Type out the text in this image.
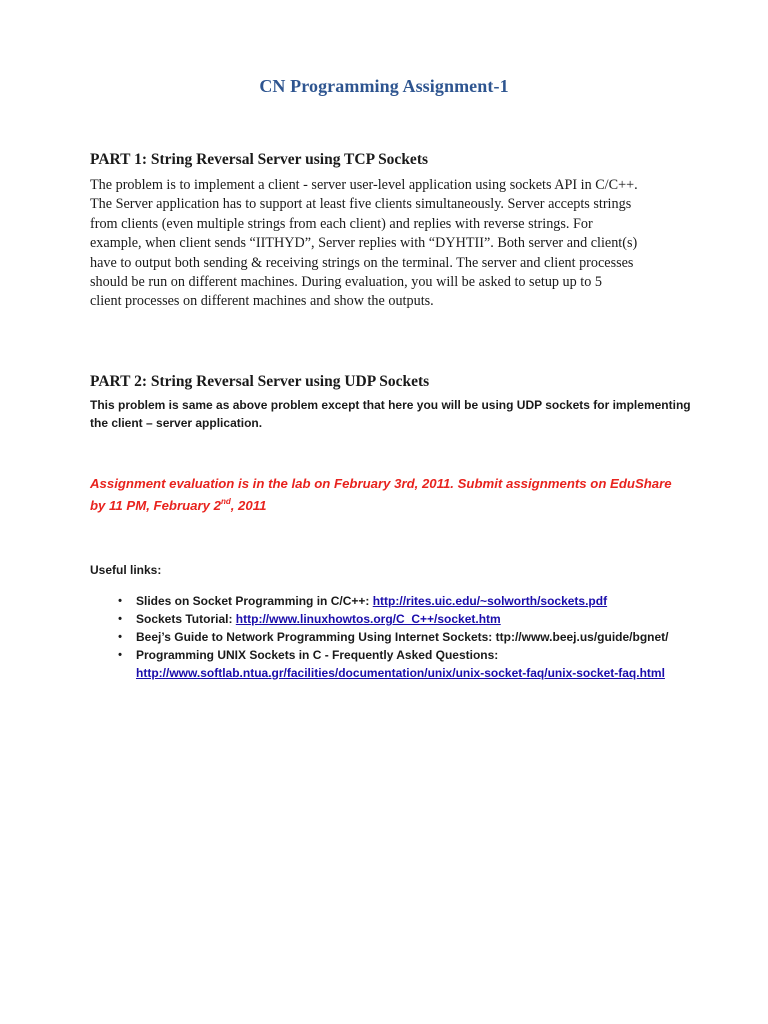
CN Programming Assignment-1
PART 1: String Reversal Server using TCP Sockets
The problem is to implement a client - server user-level application using sockets API in C/C++.
The Server application has to support at least five clients simultaneously. Server accepts strings
from clients (even multiple strings from each client) and replies with reverse strings. For
example, when client sends “IITHYD”, Server replies with “DYHTII”. Both server and client(s)
have to output both sending & receiving strings on the terminal. The server and client processes
should be run on different machines. During evaluation, you will be asked to setup up to 5
client processes on different machines and show the outputs.
PART 2: String Reversal Server using UDP Sockets
This problem is same as above problem except that here you will be using UDP sockets for implementing
the client – server application.
Assignment evaluation is in the lab on February 3rd, 2011. Submit assignments on EduShare
by 11 PM, February 2nd, 2011
Useful links:
•	Slides on Socket Programming in C/C++: http://rites.uic.edu/~solworth/sockets.pdf
•	Sockets Tutorial: http://www.linuxhowtos.org/C_C++/socket.htm
•	Beej’s Guide to Network Programming Using Internet Sockets: ttp://www.beej.us/guide/bgnet/
•	Programming UNIX Sockets in C - Frequently Asked Questions:
http://www.softlab.ntua.gr/facilities/documentation/unix/unix-socket-faq/unix-socket-faq.html
